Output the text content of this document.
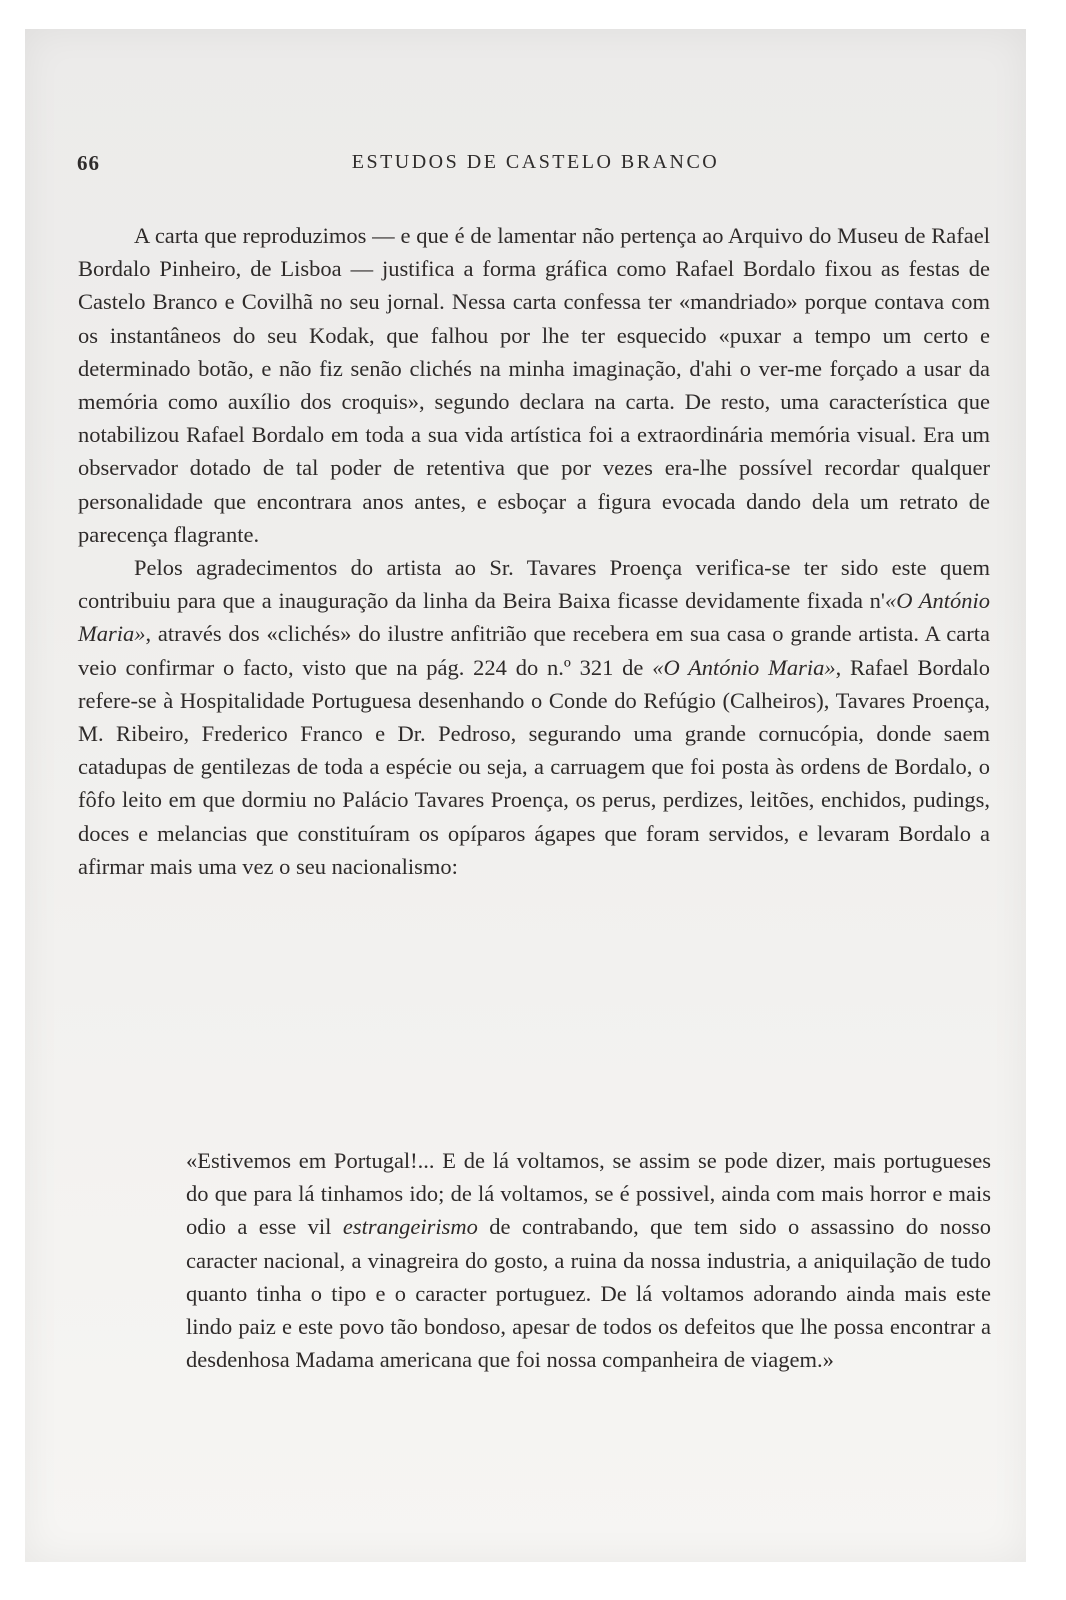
66	ESTUDOS DE CASTELO BRANCO

A carta que reproduzimos — e que é de lamentar não pertença ao Arquivo do Museu de Rafael Bordalo Pinheiro, de Lisboa — justifica a forma gráfica como Rafael Bordalo fixou as festas de Castelo Branco e Covilhã no seu jornal. Nessa carta confessa ter «mandriado» porque contava com os instantâneos do seu Kodak, que falhou por lhe ter esquecido «puxar a tempo um certo e determinado botão, e não fiz senão clichés na minha imaginação, d'ahi o ver-me forçado a usar da memória como auxílio dos croquis», segundo declara na carta. De resto, uma característica que notabilizou Rafael Bordalo em toda a sua vida artística foi a extraordinária memória visual. Era um observador dotado de tal poder de retentiva que por vezes era-lhe possível recordar qualquer personalidade que encontrara anos antes, e esboçar a figura evocada dando dela um retrato de parecença flagrante.

Pelos agradecimentos do artista ao Sr. Tavares Proença verifica-se ter sido este quem contribuiu para que a inauguração da linha da Beira Baixa ficasse devidamente fixada n'«O António Maria», através dos «clichés» do ilustre anfitrião que recebera em sua casa o grande artista. A carta veio confirmar o facto, visto que na pág. 224 do n.º 321 de «O António Maria», Rafael Bordalo refere-se à Hospitalidade Portuguesa desenhando o Conde do Refúgio (Calheiros), Tavares Proença, M. Ribeiro, Frederico Franco e Dr. Pedroso, segurando uma grande cornucópia, donde saem catadupas de gentilezas de toda a espécie ou seja, a carruagem que foi posta às ordens de Bordalo, o fôfo leito em que dormiu no Palácio Tavares Proença, os perus, perdizes, leitões, enchidos, pudings, doces e melancias que constituíram os opíparos ágapes que foram servidos, e levaram Bordalo a afirmar mais uma vez o seu nacionalismo:

«Estivemos em Portugal!... E de lá voltamos, se assim se pode dizer, mais portugueses do que para lá tinhamos ido; de lá voltamos, se é possivel, ainda com mais horror e mais odio a esse vil estrangeirismo de contrabando, que tem sido o assassino do nosso caracter nacional, a vinagreira do gosto, a ruina da nossa industria, a aniquilação de tudo quanto tinha o tipo e o caracter portuguez. De lá voltamos adorando ainda mais este lindo paiz e este povo tão bondoso, apesar de todos os defeitos que lhe possa encontrar a desdenhosa Madama americana que foi nossa companheira de viagem.»
